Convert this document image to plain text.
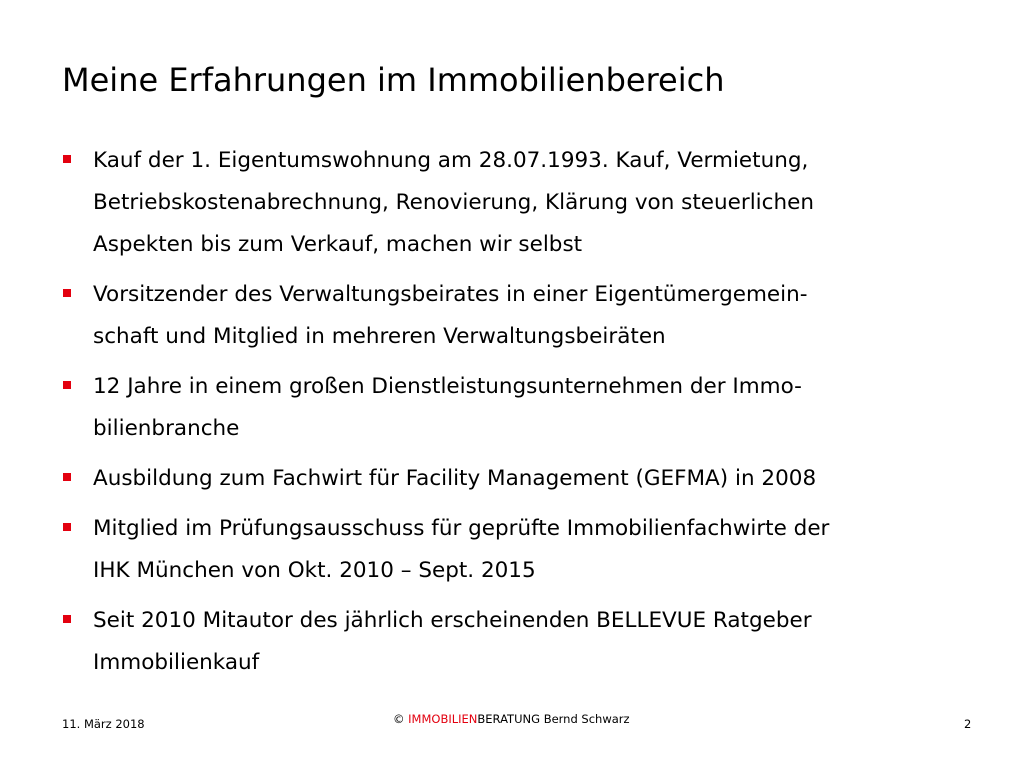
Meine Erfahrungen im Immobilienbereich
Kauf der 1. Eigentumswohnung am 28.07.1993. Kauf, Vermietung,
Betriebskostenabrechnung, Renovierung, Klärung von steuerlichen
Aspekten bis zum Verkauf, machen wir selbst
Vorsitzender des Verwaltungsbeirates in einer Eigentümergemein-
schaft und Mitglied in mehreren Verwaltungsbeiräten
12 Jahre in einem großen Dienstleistungsunternehmen der Immo-
bilienbranche
Ausbildung zum Fachwirt für Facility Management (GEFMA) in 2008
Mitglied im Prüfungsausschuss für geprüfte Immobilienfachwirte der
IHK München von Okt. 2010 – Sept. 2015
Seit 2010 Mitautor des jährlich erscheinenden BELLEVUE Ratgeber
Immobilienkauf
11. März 2018	© IMMOBILIENBERATUNG Bernd Schwarz	2
